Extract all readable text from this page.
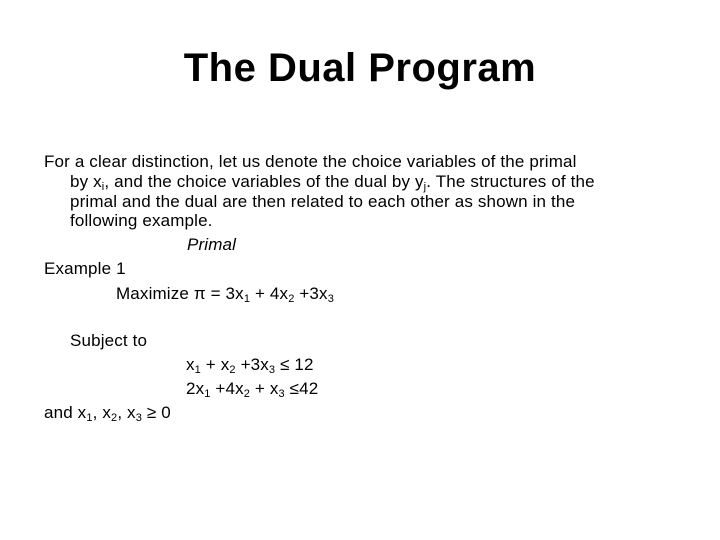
The Dual Program
For a clear distinction, let us denote the choice variables of the primal
by $x_i$, and the choice variables of the dual by $y_j$. The structures of the
primal and the dual are then related to each other as shown in the
following example.
Primal
Example 1
Maximize $\pi = 3x_1 + 4x_2 +3x_3$
Subject to
$x_1 + x_2 +3x_3 \le 12$
$2x_1 +4x_2 + x_3 \le 42$
and $x_1$, $x_2$, $x_3 \ge 0$
